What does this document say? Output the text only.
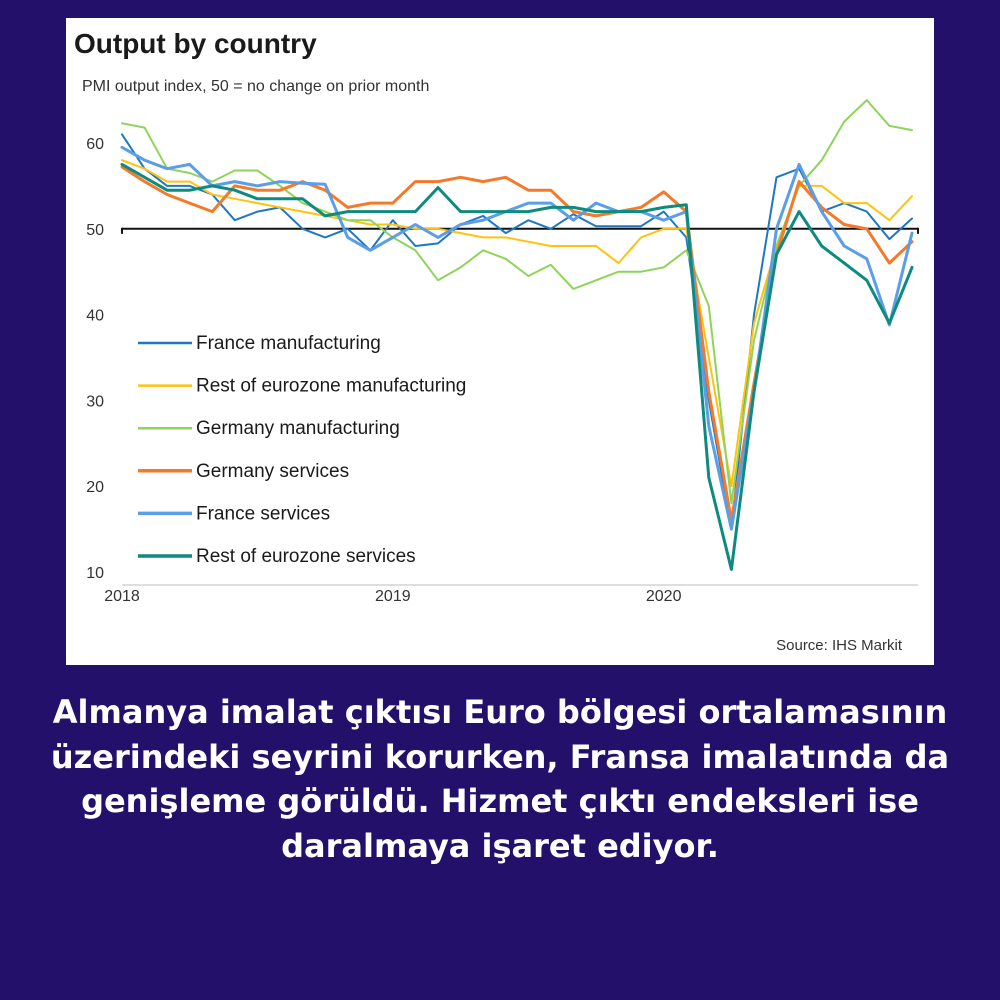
Output by country
PMI output index, 50 = no change on prior month
60
50
40
30
20
10
2018	2019	2020
France manufacturing
Rest of eurozone manufacturing
Germany manufacturing
Germany services
France services
Rest of eurozone services
Source: IHS Markit
Almanya imalat çıktısı Euro bölgesi ortalamasının üzerindeki seyrini korurken, Fransa imalatında da genişleme görüldü. Hizmet çıktı endeksleri ise daralmaya işaret ediyor.
